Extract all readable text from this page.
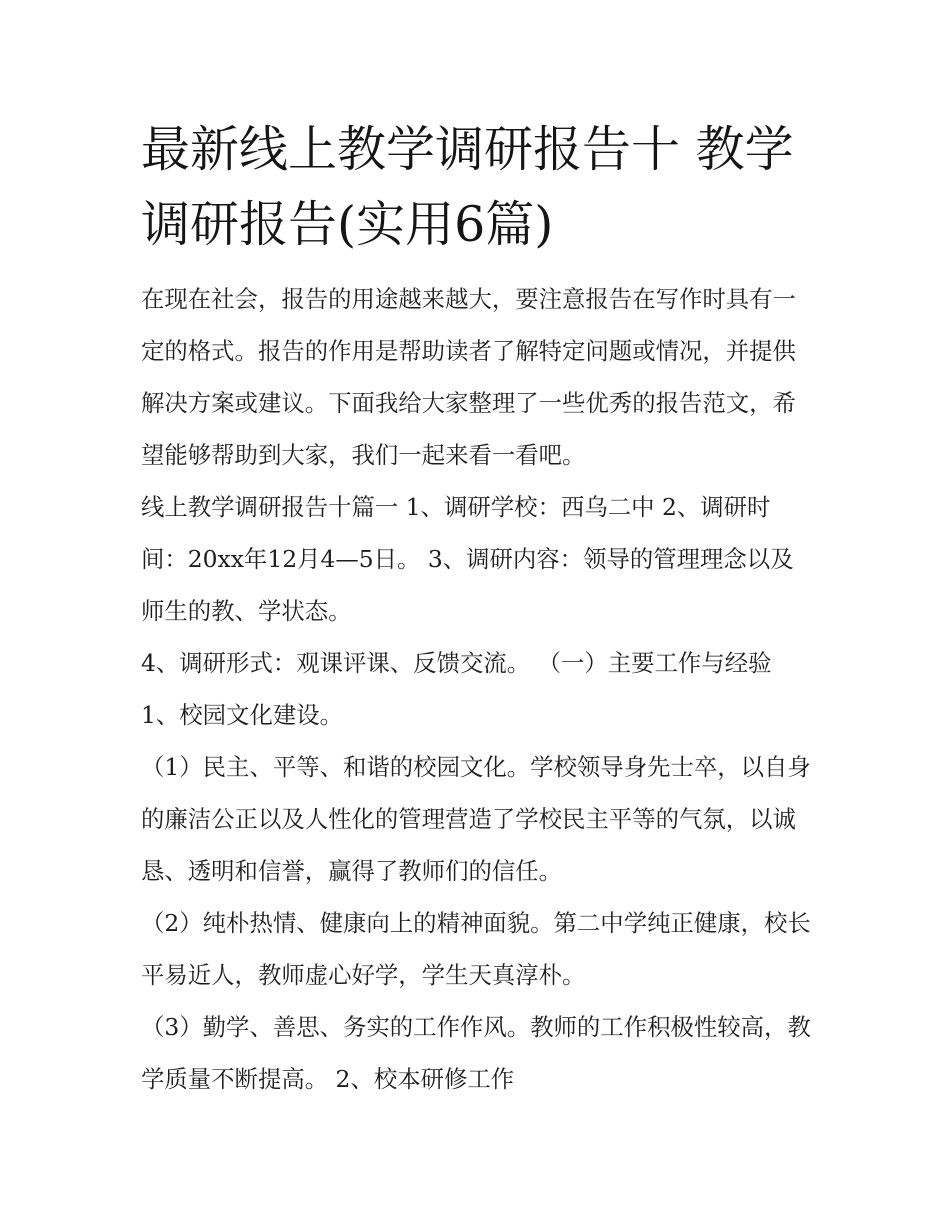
最新线上教学调研报告十 教学调研报告(实用6篇)

在现在社会，报告的用途越来越大，要注意报告在写作时具有一定的格式。报告的作用是帮助读者了解特定问题或情况，并提供解决方案或建议。下面我给大家整理了一些优秀的报告范文，希望能够帮助到大家，我们一起来看一看吧。

线上教学调研报告十篇一 1、调研学校：西乌二中 2、调研时间：20xx年12月4—5日。 3、调研内容：领导的管理理念以及师生的教、学状态。

4、调研形式：观课评课、反馈交流。 （一）主要工作与经验 1、校园文化建设。

（1）民主、平等、和谐的校园文化。学校领导身先士卒，以自身的廉洁公正以及人性化的管理营造了学校民主平等的气氛，以诚恳、透明和信誉，赢得了教师们的信任。

（2）纯朴热情、健康向上的精神面貌。第二中学纯正健康，校长平易近人，教师虚心好学，学生天真淳朴。

（3）勤学、善思、务实的工作作风。教师的工作积极性较高，教学质量不断提高。 2、校本研修工作
